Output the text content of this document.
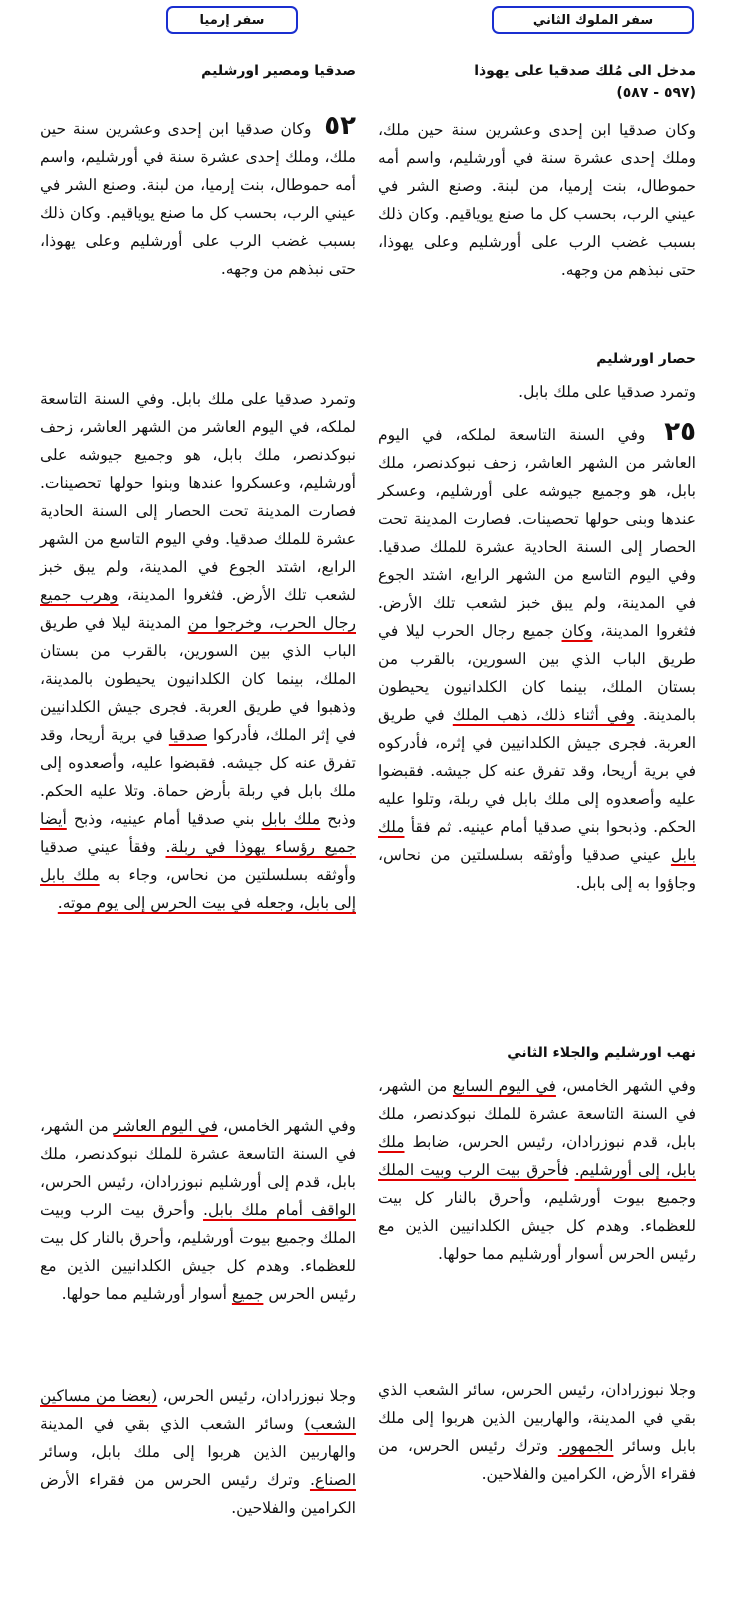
سفر إرميا	سفر الملوك الثاني
صدقيا ومصير اورشليم

٥٢ وكان صدقيا ابن إحدى وعشرين سنة حين ملك، وملك إحدى عشرة سنة في أورشليم، واسم أمه حموطال، بنت إرميا، من لبنة. وصنع الشر في عيني الرب، بحسب كل ما صنع يوياقيم. وكان ذلك بسبب غضب الرب على أورشليم وعلى يهوذا، حتى نبذهم من وجهه.

وتمرد صدقيا على ملك بابل. وفي السنة التاسعة لملكه، في اليوم العاشر من الشهر العاشر، زحف نبوكدنصر، ملك بابل، هو وجميع جيوشه على أورشليم، وعسكروا عندها وبنوا حولها تحصينات. فصارت المدينة تحت الحصار إلى السنة الحادية عشرة للملك صدقيا. وفي اليوم التاسع من الشهر الرابع، اشتد الجوع في المدينة، ولم يبق خبز لشعب تلك الأرض. فثغروا المدينة، وهرب جميع رجال الحرب، وخرجوا من المدينة ليلا في طريق الباب الذي بين السورين، بالقرب من بستان الملك، بينما كان الكلدانيون يحيطون بالمدينة، وذهبوا في طريق العربة. فجرى جيش الكلدانيين في إثر الملك، فأدركوا صدقيا في برية أريحا، وقد تفرق عنه كل جيشه. فقبضوا عليه، وأصعدوه إلى ملك بابل في ربلة بأرض حماة. وتلا عليه الحكم. وذبح ملك بابل بني صدقيا أمام عينيه، وذبح أيضا جميع رؤساء يهوذا في ربلة. وفقأ عيني صدقيا وأوثقه بسلسلتين من نحاس، وجاء به ملك بابل إلى بابل، وجعله في بيت الحرس إلى يوم موته.

وفي الشهر الخامس، في اليوم العاشر من الشهر، في السنة التاسعة عشرة للملك نبوكدنصر، ملك بابل، قدم إلى أورشليم نبوزرادان، رئيس الحرس، الواقف أمام ملك بابل. وأحرق بيت الرب وبيت الملك وجميع بيوت أورشليم، وأحرق بالنار كل بيت للعظماء. وهدم كل جيش الكلدانيين الذين مع رئيس الحرس جميع أسوار أورشليم مما حولها.

وجلا نبوزرادان، رئيس الحرس، (بعضا من مساكين الشعب) وسائر الشعب الذي بقي في المدينة والهاربين الذين هربوا إلى ملك بابل، وسائر الصناع. وترك رئيس الحرس من فقراء الأرض الكرامين والفلاحين.

مدخل الى مُلك صدقيا على يهوذا
(٥٩٧ - ٥٨٧)

وكان صدقيا ابن إحدى وعشرين سنة حين ملك، وملك إحدى عشرة سنة في أورشليم، واسم أمه حموطال، بنت إرميا، من لبنة. وصنع الشر في عيني الرب، بحسب كل ما صنع يوياقيم. وكان ذلك بسبب غضب الرب على أورشليم وعلى يهوذا، حتى نبذهم من وجهه.

حصار اورشليم

وتمرد صدقيا على ملك بابل.

٢٥ وفي السنة التاسعة لملكه، في اليوم العاشر من الشهر العاشر، زحف نبوكدنصر، ملك بابل، هو وجميع جيوشه على أورشليم، وعسكر عندها وبنى حولها تحصينات. فصارت المدينة تحت الحصار إلى السنة الحادية عشرة للملك صدقيا. وفي اليوم التاسع من الشهر الرابع، اشتد الجوع في المدينة، ولم يبق خبز لشعب تلك الأرض. فثغروا المدينة، وكان جميع رجال الحرب ليلا في طريق الباب الذي بين السورين، بالقرب من بستان الملك، بينما كان الكلدانيون يحيطون بالمدينة. وفي أثناء ذلك، ذهب الملك في طريق العربة. فجرى جيش الكلدانيين في إثره، فأدركوه في برية أريحا، وقد تفرق عنه كل جيشه. فقبضوا عليه وأصعدوه إلى ملك بابل في ربلة، وتلوا عليه الحكم. وذبحوا بني صدقيا أمام عينيه. ثم فقأ ملك بابل عيني صدقيا وأوثقه بسلسلتين من نحاس، وجاؤوا به إلى بابل.

نهب اورشليم والجلاء الثاني

وفي الشهر الخامس، في اليوم السابع من الشهر، في السنة التاسعة عشرة للملك نبوكدنصر، ملك بابل، قدم نبوزرادان، رئيس الحرس، ضابط ملك بابل، إلى أورشليم. فأحرق بيت الرب وبيت الملك وجميع بيوت أورشليم، وأحرق بالنار كل بيت للعظماء. وهدم كل جيش الكلدانيين الذين مع رئيس الحرس أسوار أورشليم مما حولها.

وجلا نبوزرادان، رئيس الحرس، سائر الشعب الذي بقي في المدينة، والهاربين الذين هربوا إلى ملك بابل وسائر الجمهور. وترك رئيس الحرس، من فقراء الأرض، الكرامين والفلاحين.
